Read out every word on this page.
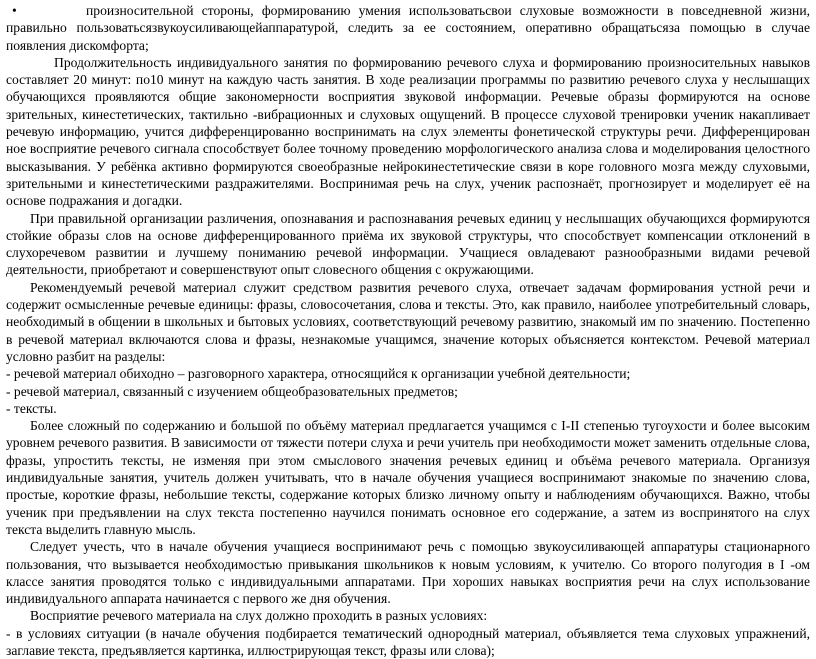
•	произносительной стороны, формированию умения использоватьсвои слуховые возможности в повседневной жизни, правильно пользоватьсязвукоусиливающейаппаратурой, следить за ее состоянием, оперативно обращатьсяза помощью в случае появления дискомфорта;

Продолжительность индивидуального занятия по формированию речевого слуха и формированию произносительных навыков составляет 20 минут: по10 минут на каждую часть занятия. В ходе реализации программы по развитию речевого слуха у неслышащих обучающихся проявляются общие закономерности восприятия звуковой информации. Речевые образы формируются на основе зрительных, кинестетических, тактильно -вибрационных и слуховых ощущений. В процессе слуховой тренировки ученик накапливает речевую информацию, учится дифференцированно воспринимать на слух элементы фонетической структуры речи. Дифференцирован ное восприятие речевого сигнала способствует более точному проведению морфологического анализа слова и моделирования целостного высказывания. У ребёнка активно формируются своеобразные нейрокинестетические связи в коре головного мозга между слуховыми, зрительными и кинестетическими раздражителями. Воспринимая речь на слух, ученик распознаёт, прогнозирует и моделирует её на основе подражания и догадки.

При правильной организации различения, опознавания и распознавания речевых единиц у неслышащих обучающихся формируются стойкие образы слов на основе дифференцированного приёма их звуковой структуры, что способствует компенсации отклонений в слухоречевом развитии и лучшему пониманию речевой информации. Учащиеся овладевают разнообразными видами речевой деятельности, приобретают и совершенствуют опыт словесного общения с окружающими.

Рекомендуемый речевой материал служит средством развития речевого слуха, отвечает задачам формирования устной речи и содержит осмысленные речевые единицы: фразы, словосочетания, слова и тексты. Это, как правило, наиболее употребительный словарь, необходимый в общении в школьных и бытовых условиях, соответствующий речевому развитию, знакомый им по значению. Постепенно в речевой материал включаются слова и фразы, незнакомые учащимся, значение которых объясняется контекстом. Речевой материал условно разбит на разделы:

- речевой материал обиходно – разговорного характера, относящийся к организации учебной деятельности;

- речевой материал, связанный с изучением общеобразовательных предметов;

- тексты.

Более сложный по содержанию и большой по объёму материал предлагается учащимся с I-II степенью тугоухости и более высоким уровнем речевого развития. В зависимости от тяжести потери слуха и речи учитель при необходимости может заменить отдельные слова, фразы, упростить тексты, не изменяя при этом смыслового значения речевых единиц и объёма речевого материала. Организуя индивидуальные занятия, учитель должен учитывать, что в начале обучения учащиеся воспринимают знакомые по значению слова, простые, короткие фразы, небольшие тексты, содержание которых близко личному опыту и наблюдениям обучающихся. Важно, чтобы ученик при предъявлении на слух текста постепенно научился понимать основное его содержание, а затем из воспринятого на слух текста выделить главную мысль.

Следует учесть, что в начале обучения учащиеся воспринимают речь с помощью звукоусиливающей аппаратуры стационарного пользования, что вызывается необходимостью привыкания школьников к новым условиям, к учителю. Со второго полугодия в I -ом классе занятия проводятся только с индивидуальными аппаратами. При хороших навыках восприятия речи на слух использование индивидуального аппарата начинается с первого же дня обучения.

Восприятие речевого материала на слух должно проходить в разных условиях:

- в условиях ситуации (в начале обучения подбирается тематический однородный материал, объявляется тема слуховых упражнений, заглавие текста, предъявляется картинка, иллюстрирующая текст, фразы или слова);
